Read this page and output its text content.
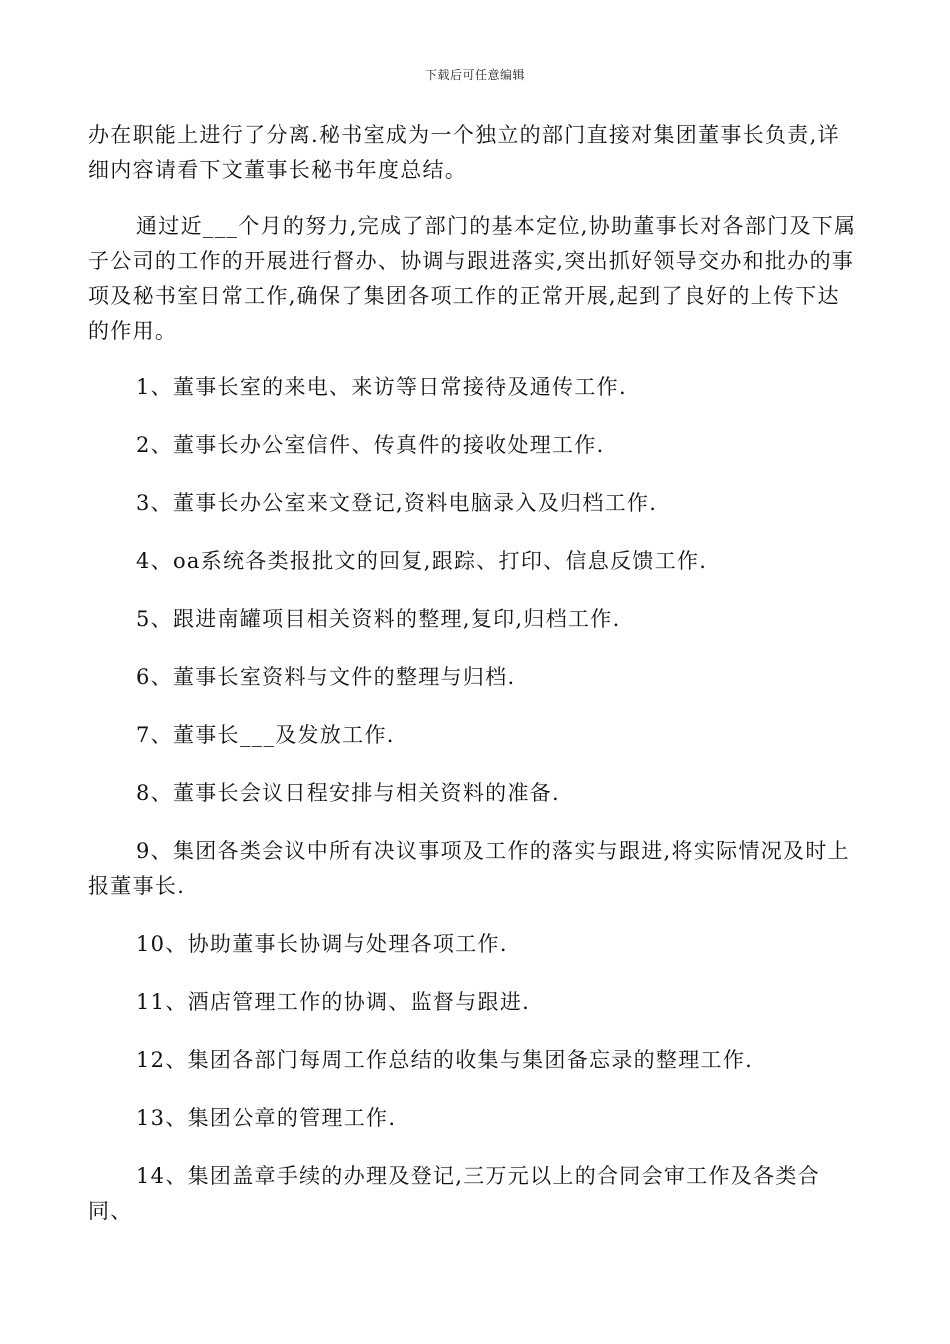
下载后可任意编辑

办在职能上进行了分离.秘书室成为一个独立的部门直接对集团董事长负责,详细内容请看下文董事长秘书年度总结。

通过近___个月的努力,完成了部门的基本定位,协助董事长对各部门及下属子公司的工作的开展进行督办、协调与跟进落实,突出抓好领导交办和批办的事项及秘书室日常工作,确保了集团各项工作的正常开展,起到了良好的上传下达的作用。

1、董事长室的来电、来访等日常接待及通传工作.

2、董事长办公室信件、传真件的接收处理工作.

3、董事长办公室来文登记,资料电脑录入及归档工作.

4、oa系统各类报批文的回复,跟踪、打印、信息反馈工作.

5、跟进南罐项目相关资料的整理,复印,归档工作.

6、董事长室资料与文件的整理与归档.

7、董事长___及发放工作.

8、董事长会议日程安排与相关资料的准备.

9、集团各类会议中所有决议事项及工作的落实与跟进,将实际情况及时上报董事长.

10、协助董事长协调与处理各项工作.

11、酒店管理工作的协调、监督与跟进.

12、集团各部门每周工作总结的收集与集团备忘录的整理工作.

13、集团公章的管理工作.

14、集团盖章手续的办理及登记,三万元以上的合同会审工作及各类合同、
